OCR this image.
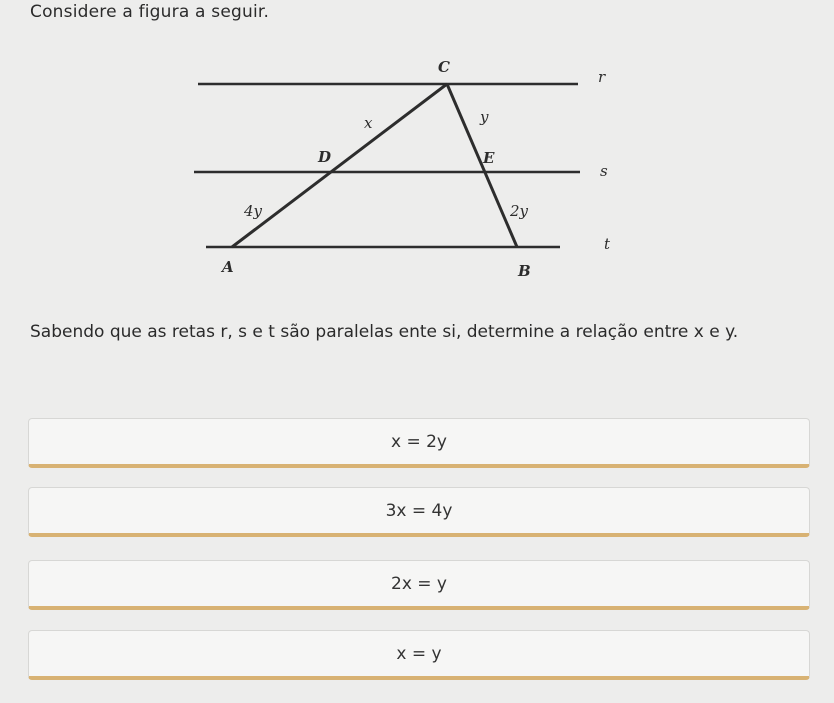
Considere a figura a seguir.
r
s
t
C
D	E
A	B
x	y
4y	2y
Sabendo que as retas r, s e t são paralelas ente si, determine a relação entre x e y.
x = 2y
3x = 4y
2x = y
x = y
